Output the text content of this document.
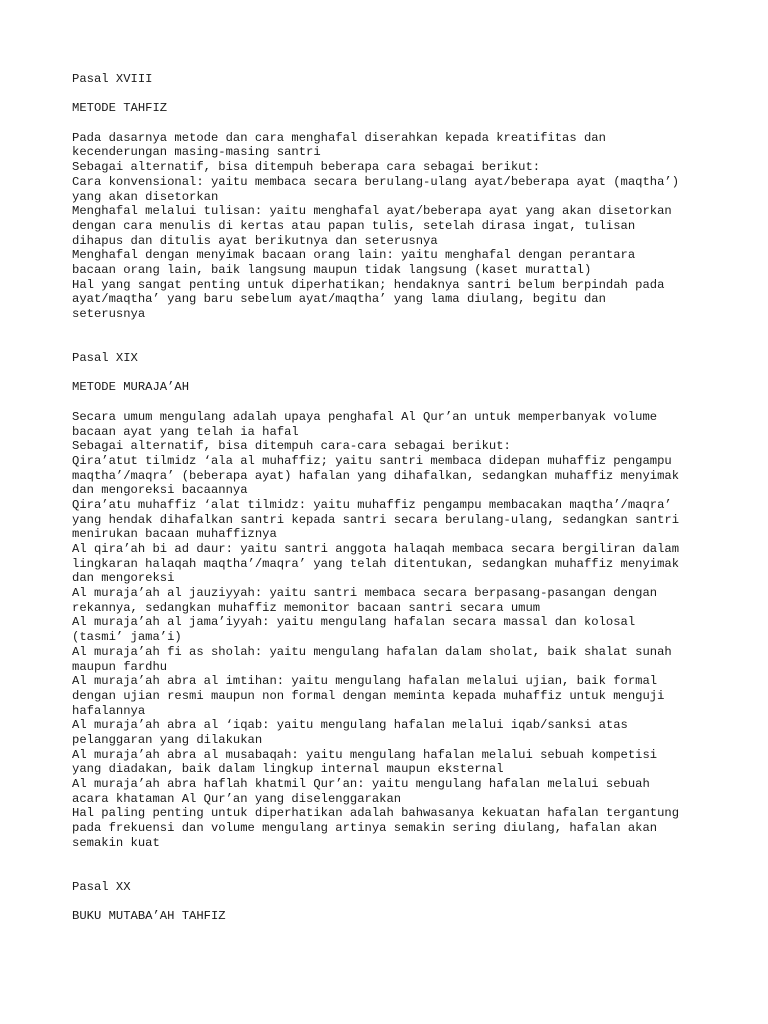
Pasal XVIII
METODE TAHFIZ
Pada dasarnya metode dan cara menghafal diserahkan kepada kreatifitas dan
kecenderungan masing-masing santri
Sebagai alternatif, bisa ditempuh beberapa cara sebagai berikut:
Cara konvensional: yaitu membaca secara berulang-ulang ayat/beberapa ayat (maqtha’)
yang akan disetorkan
Menghafal melalui tulisan: yaitu menghafal ayat/beberapa ayat yang akan disetorkan
dengan cara menulis di kertas atau papan tulis, setelah dirasa ingat, tulisan
dihapus dan ditulis ayat berikutnya dan seterusnya
Menghafal dengan menyimak bacaan orang lain: yaitu menghafal dengan perantara
bacaan orang lain, baik langsung maupun tidak langsung (kaset murattal)
Hal yang sangat penting untuk diperhatikan; hendaknya santri belum berpindah pada
ayat/maqtha’ yang baru sebelum ayat/maqtha’ yang lama diulang, begitu dan
seterusnya
Pasal XIX
METODE MURAJA’AH
Secara umum mengulang adalah upaya penghafal Al Qur’an untuk memperbanyak volume
bacaan ayat yang telah ia hafal
Sebagai alternatif, bisa ditempuh cara-cara sebagai berikut:
Qira’atut tilmidz ‘ala al muhaffiz; yaitu santri membaca didepan muhaffiz pengampu
maqtha’/maqra’ (beberapa ayat) hafalan yang dihafalkan, sedangkan muhaffiz menyimak
dan mengoreksi bacaannya
Qira’atu muhaffiz ‘alat tilmidz: yaitu muhaffiz pengampu membacakan maqtha’/maqra’
yang hendak dihafalkan santri kepada santri secara berulang-ulang, sedangkan santri
menirukan bacaan muhaffiznya
Al qira’ah bi ad daur: yaitu santri anggota halaqah membaca secara bergiliran dalam
lingkaran halaqah maqtha’/maqra’ yang telah ditentukan, sedangkan muhaffiz menyimak
dan mengoreksi
Al muraja’ah al jauziyyah: yaitu santri membaca secara berpasang-pasangan dengan
rekannya, sedangkan muhaffiz memonitor bacaan santri secara umum
Al muraja’ah al jama’iyyah: yaitu mengulang hafalan secara massal dan kolosal
(tasmi’ jama’i)
Al muraja’ah fi as sholah: yaitu mengulang hafalan dalam sholat, baik shalat sunah
maupun fardhu
Al muraja’ah abra al imtihan: yaitu mengulang hafalan melalui ujian, baik formal
dengan ujian resmi maupun non formal dengan meminta kepada muhaffiz untuk menguji
hafalannya
Al muraja’ah abra al ‘iqab: yaitu mengulang hafalan melalui iqab/sanksi atas
pelanggaran yang dilakukan
Al muraja’ah abra al musabaqah: yaitu mengulang hafalan melalui sebuah kompetisi
yang diadakan, baik dalam lingkup internal maupun eksternal
Al muraja’ah abra haflah khatmil Qur’an: yaitu mengulang hafalan melalui sebuah
acara khataman Al Qur’an yang diselenggarakan
Hal paling penting untuk diperhatikan adalah bahwasanya kekuatan hafalan tergantung
pada frekuensi dan volume mengulang artinya semakin sering diulang, hafalan akan
semakin kuat
Pasal XX
BUKU MUTABA’AH TAHFIZ
